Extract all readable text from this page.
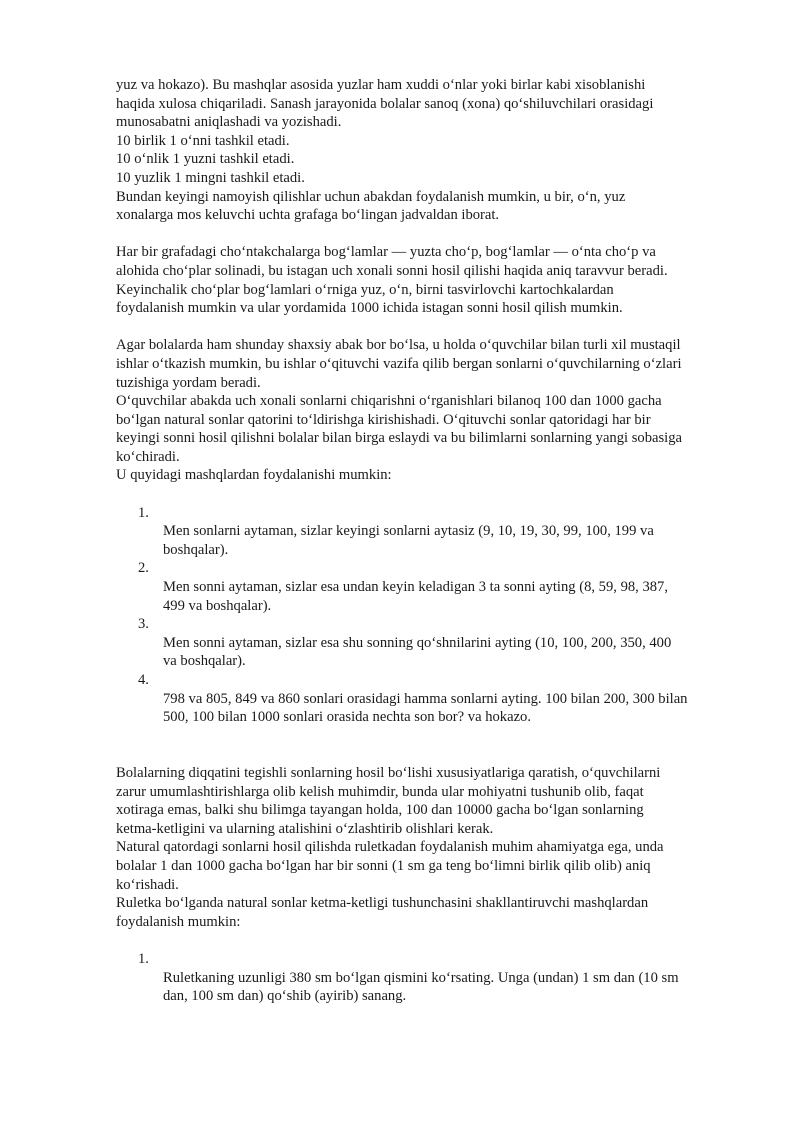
yuz va hokazo). Bu mashqlar asosida yuzlar ham xuddi oʻnlar yoki birlar kabi xisoblanishi
haqida xulosa chiqariladi. Sanash jarayonida bolalar sanoq (xona) qoʻshiluvchilari orasidagi
munosabatni aniqlashadi va yozishadi.
10 birlik 1 oʻnni tashkil etadi.
10 oʻnlik 1 yuzni tashkil etadi.
10 yuzlik 1 mingni tashkil etadi.
Bundan keyingi namoyish qilishlar uchun abakdan foydalanish mumkin, u bir, oʻn, yuz
xonalarga mos keluvchi uchta grafaga boʻlingan jadvaldan iborat.
Har bir grafadagi choʻntakchalarga bogʻlamlar — yuzta choʻp, bogʻlamlar — oʻnta choʻp va
alohida choʻplar solinadi, bu istagan uch xonali sonni hosil qilishi haqida aniq taravvur beradi.
Keyinchalik choʻplar bogʻlamlari oʻrniga yuz, oʻn, birni tasvirlovchi kartochkalardan
foydalanish mumkin va ular yordamida 1000 ichida istagan sonni hosil qilish mumkin.
Agar bolalarda ham shunday shaxsiy abak bor boʻlsa, u holda oʻquvchilar bilan turli xil mustaqil
ishlar oʻtkazish mumkin, bu ishlar oʻqituvchi vazifa qilib bergan sonlarni oʻquvchilarning oʻzlari
tuzishiga yordam beradi.
Oʻquvchilar abakda uch xonali sonlarni chiqarishni oʻrganishlari bilanoq 100 dan 1000 gacha
boʻlgan natural sonlar qatorini toʻldirishga kirishishadi. Oʻqituvchi sonlar qatoridagi har bir
keyingi sonni hosil qilishni bolalar bilan birga eslaydi va bu bilimlarni sonlarning yangi sobasiga
koʻchiradi.
U quyidagi mashqlardan foydalanishi mumkin:
1.
Men sonlarni aytaman, sizlar keyingi sonlarni aytasiz (9, 10, 19, 30, 99, 100, 199 va
boshqalar).
2.
Men sonni aytaman, sizlar esa undan keyin keladigan 3 ta sonni ayting (8, 59, 98, 387,
499 va boshqalar).
3.
Men sonni aytaman, sizlar esa shu sonning qoʻshnilarini ayting (10, 100, 200, 350, 400
va boshqalar).
4.
798 va 805, 849 va 860 sonlari orasidagi hamma sonlarni ayting. 100 bilan 200, 300 bilan
500, 100 bilan 1000 sonlari orasida nechta son bor? va hokazo.
Bolalarning diqqatini tegishli sonlarning hosil boʻlishi xususiyatlariga qaratish, oʻquvchilarni
zarur umumlashtirishlarga olib kelish muhimdir, bunda ular mohiyatni tushunib olib, faqat
xotiraga emas, balki shu bilimga tayangan holda, 100 dan 10000 gacha boʻlgan sonlarning
ketma-ketligini va ularning atalishini oʻzlashtirib olishlari kerak.
Natural qatordagi sonlarni hosil qilishda ruletkadan foydalanish muhim ahamiyatga ega, unda
bolalar 1 dan 1000 gacha boʻlgan har bir sonni (1 sm ga teng boʻlimni birlik qilib olib) aniq
koʻrishadi.
Ruletka boʻlganda natural sonlar ketma-ketligi tushunchasini shakllantiruvchi mashqlardan
foydalanish mumkin:
1.
Ruletkaning uzunligi 380 sm boʻlgan qismini koʻrsating. Unga (undan) 1 sm dan (10 sm
dan, 100 sm dan) qoʻshib (ayirib) sanang.
